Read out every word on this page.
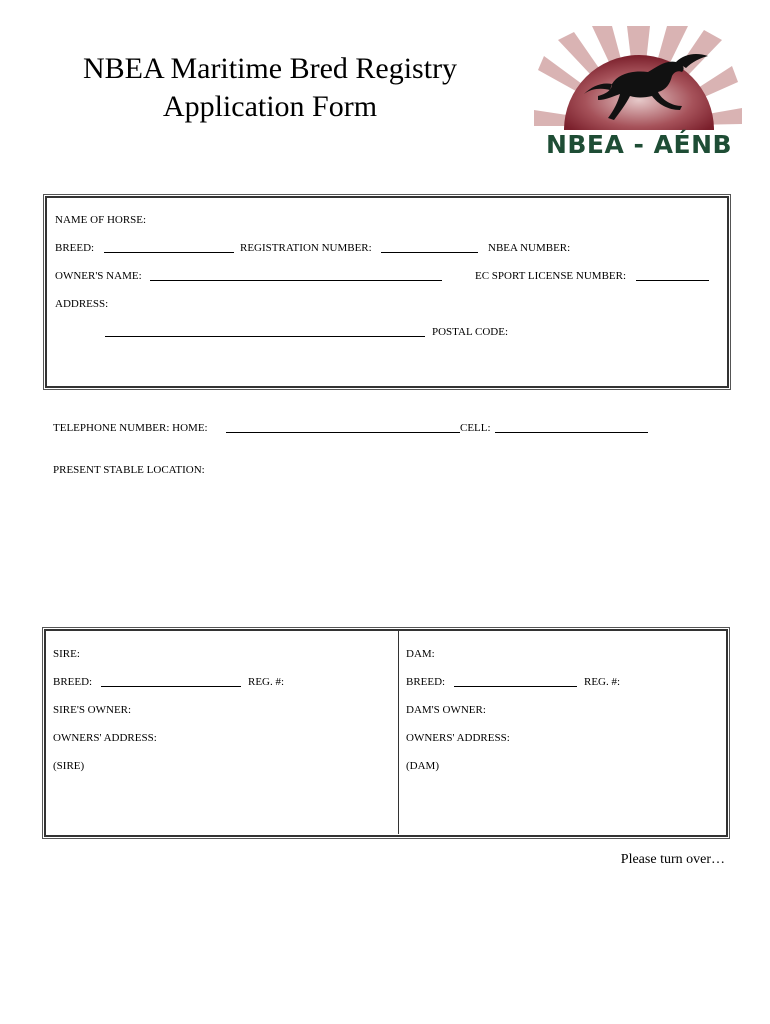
NBEA Maritime Bred Registry
Application Form
NBEA - AÉNB
NAME OF HORSE:
BREED:	REGISTRATION NUMBER:	NBEA NUMBER:
OWNER'S NAME:	EC SPORT LICENSE NUMBER:
ADDRESS:
POSTAL CODE:
TELEPHONE NUMBER: HOME:	CELL:
PRESENT STABLE LOCATION:
SIRE:
BREED:	REG. #:
SIRE'S OWNER:
OWNERS' ADDRESS:
(SIRE)
DAM:
BREED:	REG. #:
DAM'S OWNER:
OWNERS' ADDRESS:
(DAM)
Please turn over…
